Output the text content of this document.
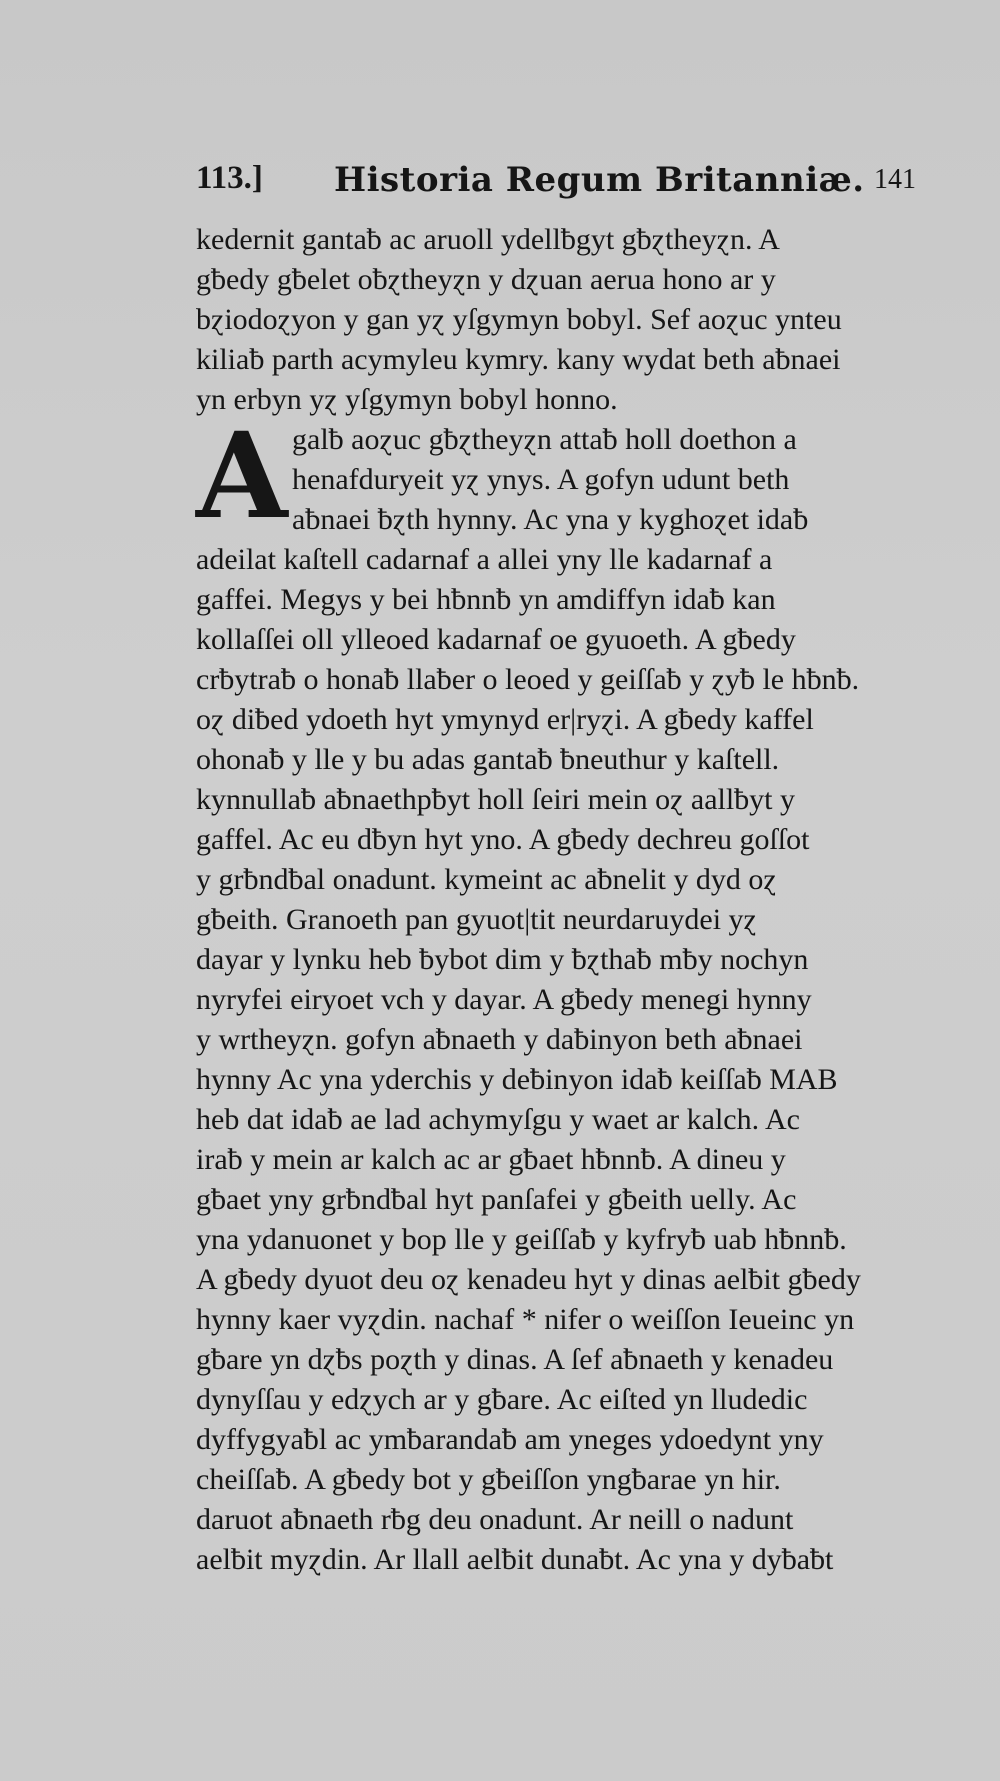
113.] Historia Regum Britanniæ. 141
kedernit gantaƀ ac aruoll ydellƀgyt gƀɀtheyɀn. A
gƀedy gƀelet oƀɀtheyɀn y dɀuan aerua hono ar y
bɀiodoɀyon y gan yɀ yſgymyn bobyl. Sef aoɀuc ynteu
kiliaƀ parth acymyleu kymry. kany wydat beth aƀnaei
yn erbyn yɀ yſgymyn bobyl honno.
A galƀ aoɀuc gƀɀtheyɀn attaƀ holl doethon a
henafduryeit yɀ ynys. A gofyn udunt beth
aƀnaei ƀɀth hynny. Ac yna y kyghoɀet idaƀ
adeilat kaſtell cadarnaf a allei yny lle kadarnaf a
gaffei. Megys y bei hƀnnƀ yn amdiffyn idaƀ kan
kollaſſei oll ylleoed kadarnaf oe gyuoeth. A gƀedy
crƀytraƀ o honaƀ llaƀer o leoed y geiſſaƀ y ɀyƀ le hƀnƀ.
oɀ diƀed ydoeth hyt ymynyd er|ryɀi. A gƀedy kaffel
ohonaƀ y lle y bu adas gantaƀ ƀneuthur y kaſtell.
kynnullaƀ aƀnaethpƀyt holl ſeiri mein oɀ aallƀyt y
gaffel. Ac eu dƀyn hyt yno. A gƀedy dechreu goſſot
y grƀndƀal onadunt. kymeint ac aƀnelit y dyd oɀ
gƀeith. Granoeth pan gyuot|tit neurdaruydei yɀ
dayar y lynku heb ƀybot dim y ƀɀthaƀ mƀy nochyn
nyryfei eiryoet vch y dayar. A gƀedy menegi hynny
y wrtheyɀn. gofyn aƀnaeth y daƀinyon beth aƀnaei
hynny Ac yna yderchis y deƀinyon idaƀ keiſſaƀ MAB
heb dat idaƀ ae lad achymyſgu y waet ar kalch. Ac
iraƀ y mein ar kalch ac ar gƀaet hƀnnƀ. A dineu y
gƀaet yny grƀndƀal hyt panſafei y gƀeith uelly. Ac
yna ydanuonet y bop lle y geiſſaƀ y kyfryƀ uab hƀnnƀ.
A gƀedy dyuot deu oɀ kenadeu hyt y dinas aelƀit gƀedy
hynny kaer vyɀdin. nachaf * nifer o weiſſon Ieueinc yn
gƀare yn dɀƀs poɀth y dinas. A ſef aƀnaeth y kenadeu
dynyſſau y edɀych ar y gƀare. Ac eiſted yn lludedic
dyffygyaƀl ac ymƀarandaƀ am yneges ydoedynt yny
cheiſſaƀ. A gƀedy bot y gƀeiſſon yngƀarae yn hir.
daruot aƀnaeth rƀg deu onadunt. Ar neill o nadunt
aelƀit myɀdin. Ar llall aelƀit dunaƀt. Ac yna y dyƀaƀt
